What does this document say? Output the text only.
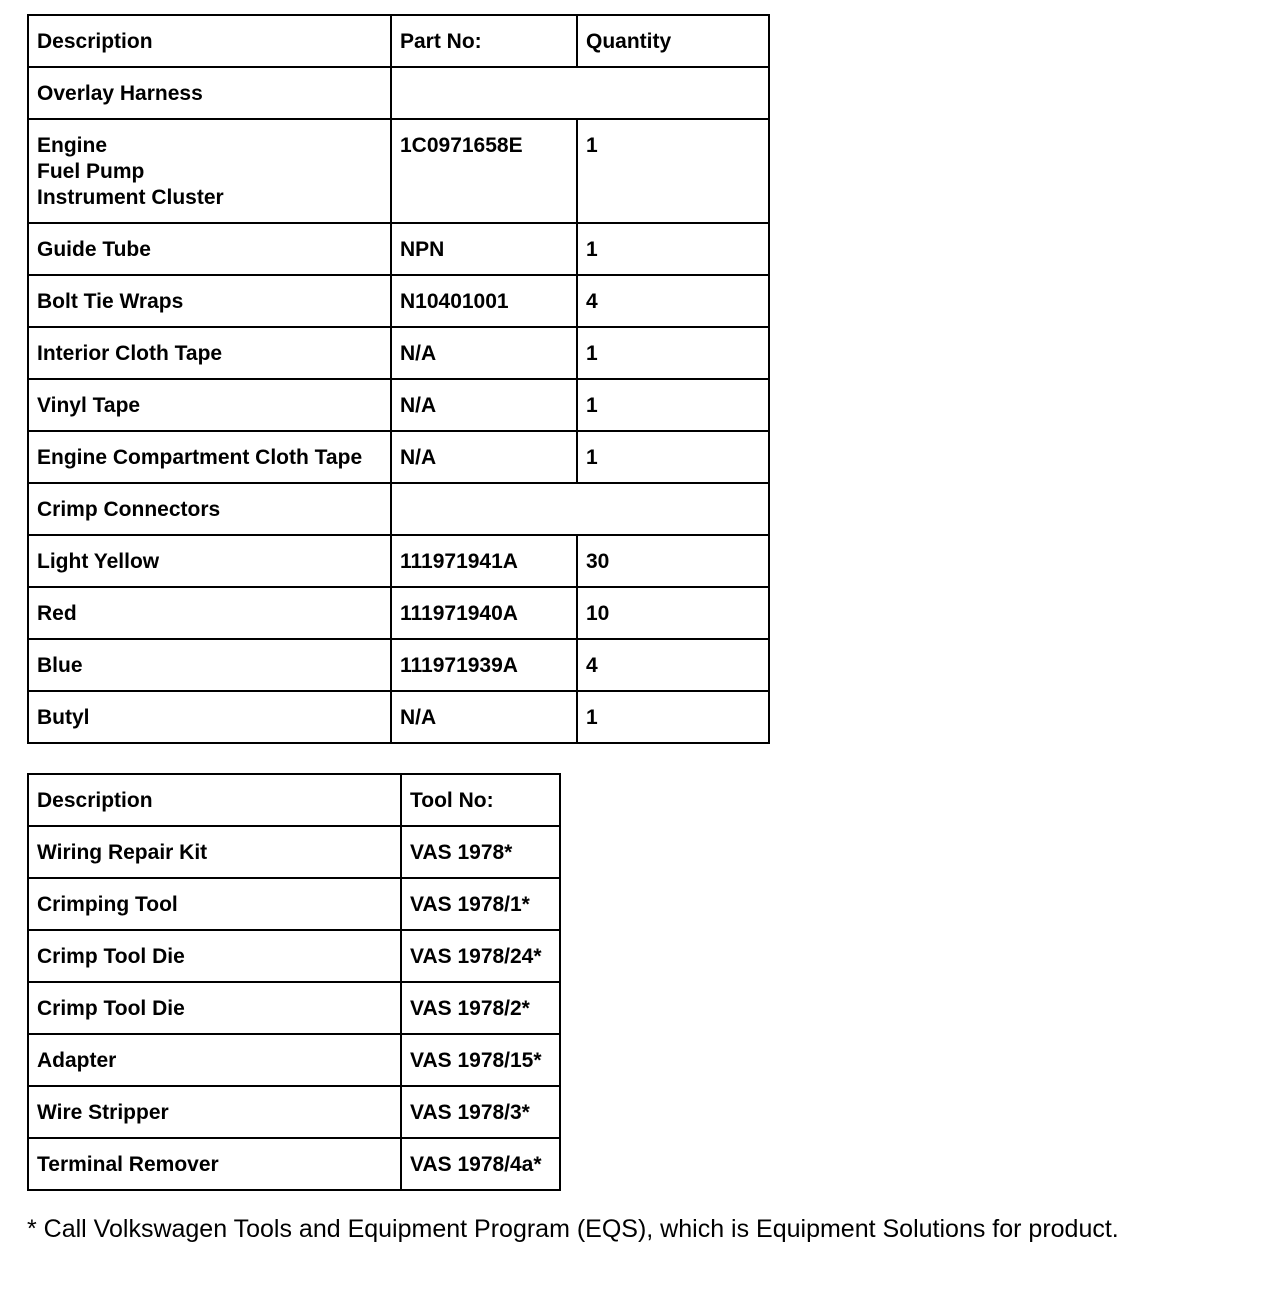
Description	Part No:	Quantity
Overlay Harness		

Engine
Fuel Pump
Instrument Cluster	1C0971658E	1
Guide Tube	NPN	1
Bolt Tie Wraps	N10401001	4
Interior Cloth Tape	N/A	1
Vinyl Tape	N/A	1
Engine Compartment Cloth Tape	N/A	1
Crimp Connectors		
Light Yellow	111971941A	30
Red	111971940A	10
Blue	111971939A	4
Butyl	N/A	1
Description	Tool No:
Wiring Repair Kit	VAS 1978*
Crimping Tool	VAS 1978/1*
Crimp Tool Die	VAS 1978/24*
Crimp Tool Die	VAS 1978/2*
Adapter	VAS 1978/15*
Wire Stripper	VAS 1978/3*
Terminal Remover	VAS 1978/4a*
* Call Volkswagen Tools and Equipment Program (EQS), which is Equipment Solutions for product.
